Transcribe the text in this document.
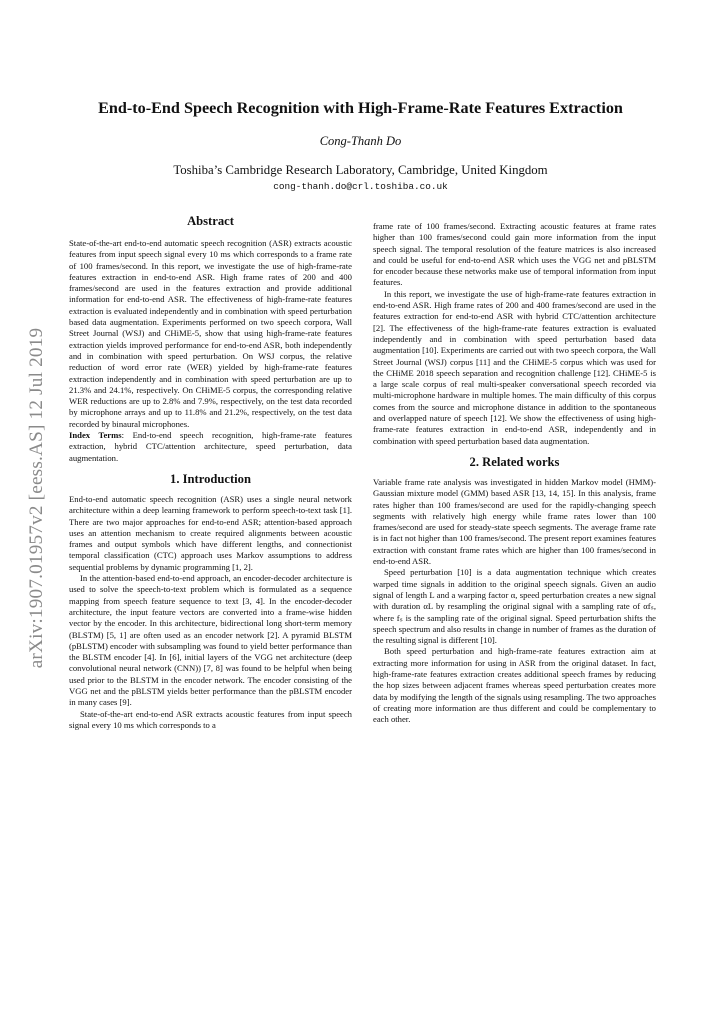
arXiv:1907.01957v2 [eess.AS] 12 Jul 2019
End-to-End Speech Recognition with High-Frame-Rate Features Extraction
Cong-Thanh Do
Toshiba’s Cambridge Research Laboratory, Cambridge, United Kingdom
cong-thanh.do@crl.toshiba.co.uk
Abstract
State-of-the-art end-to-end automatic speech recognition (ASR) extracts acoustic features from input speech signal every 10 ms which corresponds to a frame rate of 100 frames/second. In this report, we investigate the use of high-frame-rate features extraction in end-to-end ASR. High frame rates of 200 and 400 frames/second are used in the features extraction and provide additional information for end-to-end ASR. The effectiveness of high-frame-rate features extraction is evaluated independently and in combination with speed perturbation based data augmentation. Experiments performed on two speech corpora, Wall Street Journal (WSJ) and CHiME-5, show that using high-frame-rate features extraction yields improved performance for end-to-end ASR, both independently and in combination with speed perturbation. On WSJ corpus, the relative reduction of word error rate (WER) yielded by high-frame-rate features extraction independently and in combination with speed perturbation are up to 21.3% and 24.1%, respectively. On CHiME-5 corpus, the corresponding relative WER reductions are up to 2.8% and 7.9%, respectively, on the test data recorded by microphone arrays and up to 11.8% and 21.2%, respectively, on the test data recorded by binaural microphones.
Index Terms: End-to-end speech recognition, high-frame-rate features extraction, hybrid CTC/attention architecture, speed perturbation, data augmentation.
1. Introduction
End-to-end automatic speech recognition (ASR) uses a single neural network architecture within a deep learning framework to perform speech-to-text task [1]. There are two major approaches for end-to-end ASR; attention-based approach uses an attention mechanism to create required alignments between acoustic frames and output symbols which have different lengths, and connectionist temporal classification (CTC) approach uses Markov assumptions to address sequential problems by dynamic programming [1, 2].
In the attention-based end-to-end approach, an encoder-decoder architecture is used to solve the speech-to-text problem which is formulated as a sequence mapping from speech feature sequence to text [3, 4]. In the encoder-decoder architecture, the input feature vectors are converted into a frame-wise hidden vector by the encoder. In this architecture, bidirectional long short-term memory (BLSTM) [5, 1] are often used as an encoder network [2]. A pyramid BLSTM (pBLSTM) encoder with subsampling was found to yield better performance than the BLSTM encoder [4]. In [6], initial layers of the VGG net architecture (deep convolutional neural network (CNN)) [7, 8] was found to be helpful when being used prior to the BLSTM in the encoder network. The encoder consisting of the VGG net and the pBLSTM yields better performance than the pBLSTM encoder in many cases [9].
State-of-the-art end-to-end ASR extracts acoustic features from input speech signal every 10 ms which corresponds to a
frame rate of 100 frames/second. Extracting acoustic features at frame rates higher than 100 frames/second could gain more information from the input speech signal. The temporal resolution of the feature matrices is also increased and could be useful for end-to-end ASR which uses the VGG net and pBLSTM for encoder because these networks make use of temporal information from input features.
In this report, we investigate the use of high-frame-rate features extraction in end-to-end ASR. High frame rates of 200 and 400 frames/second are used in the features extraction for end-to-end ASR with hybrid CTC/attention architecture [2]. The effectiveness of the high-frame-rate features extraction is evaluated independently and in combination with speed perturbation based data augmentation [10]. Experiments are carried out with two speech corpora, the Wall Street Journal (WSJ) corpus [11] and the CHiME-5 corpus which was used for the CHiME 2018 speech separation and recognition challenge [12]. CHiME-5 is a large scale corpus of real multi-speaker conversational speech recorded via multi-microphone hardware in multiple homes. The main difficulty of this corpus comes from the source and microphone distance in addition to the spontaneous and overlapped nature of speech [12]. We show the effectiveness of using high-frame-rate features extraction in end-to-end ASR, independently and in combination with speed perturbation based data augmentation.
2. Related works
Variable frame rate analysis was investigated in hidden Markov model (HMM)-Gaussian mixture model (GMM) based ASR [13, 14, 15]. In this analysis, frame rates higher than 100 frames/second are used for the rapidly-changing speech segments with relatively high energy while frame rates lower than 100 frames/second are used for steady-state speech segments. The average frame rate is in fact not higher than 100 frames/second. The present report examines features extraction with constant frame rates which are higher than 100 frames/second in end-to-end ASR.
Speed perturbation [10] is a data augmentation technique which creates warped time signals in addition to the original speech signals. Given an audio signal of length L and a warping factor α, speed perturbation creates a new signal with duration αL by resampling the original signal with a sampling rate of αfₛ, where fₛ is the sampling rate of the original signal. Speed perturbation shifts the speech spectrum and also results in change in number of frames as the duration of the resulting signal is different [10].
Both speed perturbation and high-frame-rate features extraction aim at extracting more information for using in ASR from the original dataset. In fact, high-frame-rate features extraction creates additional speech frames by reducing the hop sizes between adjacent frames whereas speed perturbation creates more data by modifying the length of the signals using resampling. The two approaches of creating more information are thus different and could be complementary to each other.
